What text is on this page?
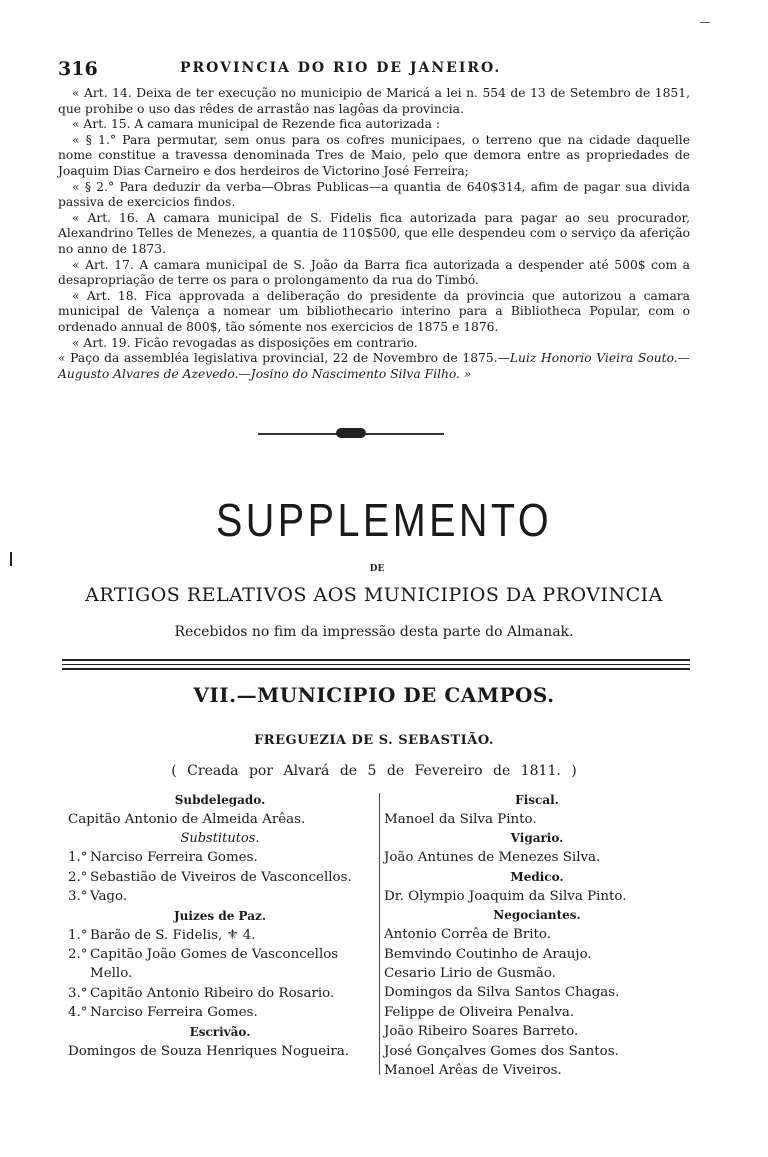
316	PROVINCIA DO RIO DE JANEIRO.

« Art. 14. Deixa de ter execução no municipio de Maricá a lei n. 554 de 13 de Setembro de 1851, que prohibe o uso das rêdes de arrastão nas lagôas da provincia.

« Art. 15. A camara municipal de Rezende fica autorizada :

« § 1.° Para permutar, sem onus para os cofres municipaes, o terreno que na cidade daquelle nome constitue a travessa denominada Tres de Maio, pelo que demora entre as propriedades de Joaquim Dias Carneiro e dos herdeiros de Victorino José Ferreira;

« § 2.° Para deduzir da verba—Obras Publicas—a quantia de 640$314, afim de pagar sua divida passiva de exercicios findos.

« Art. 16. A camara municipal de S. Fidelis fica autorizada para pagar ao seu procurador, Alexandrino Telles de Menezes, a quantia de 110$500, que elle despendeu com o serviço da aferição no anno de 1873.

« Art. 17. A camara municipal de S. João da Barra fica autorizada a despender até 500$ com a desapropriação de terre os para o prolongamento da rua do Timbó.

« Art. 18. Fica approvada a deliberação do presidente da provincia que autorizou a camara municipal de Valença a nomear um bibliothecario interino para a Bibliotheca Popular, com o ordenado annual de 800$, tão sómente nos exercicios de 1875 e 1876.

« Art. 19. Ficão revogadas as disposições em contrario.

« Paço da assembléa legislativa provincial, 22 de Novembro de 1875.—Luiz Honorio Vieira Souto.—Augusto Alvares de Azevedo.—Josino do Nascimento Silva Filho. »

SUPPLEMENTO
DE
ARTIGOS RELATIVOS AOS MUNICIPIOS DA PROVINCIA
Recebidos no fim da impressão desta parte do Almanak.
VII.—MUNICIPIO DE CAMPOS.
FREGUEZIA DE S. SEBASTIÃO.
( Creada por Alvará de 5 de Fevereiro de 1811. )
Subdelegado.
Capitão Antonio de Almeida Arêas.
Substitutos.
1.° Narciso Ferreira Gomes.
2.° Sebastião de Viveiros de Vasconcellos.
3.° Vago.
Juizes de Paz.
1.° Barão de S. Fidelis, ⚜ 4.
2.° Capitão João Gomes de Vasconcellos
Mello.
3.° Capitão Antonio Ribeiro do Rosario.
4.° Narciso Ferreira Gomes.
Escrivão.
Domingos de Souza Henriques Nogueira.
Fiscal.
Manoel da Silva Pinto.
Vigario.
João Antunes de Menezes Silva.
Medico.
Dr. Olympio Joaquim da Silva Pinto.
Negociantes.
Antonio Corrêa de Brito.
Bemvindo Coutinho de Araujo.
Cesario Lirio de Gusmão.
Domingos da Silva Santos Chagas.
Felippe de Oliveira Penalva.
João Ribeiro Soares Barreto.
José Gonçalves Gomes dos Santos.
Manoel Arêas de Viveiros.
